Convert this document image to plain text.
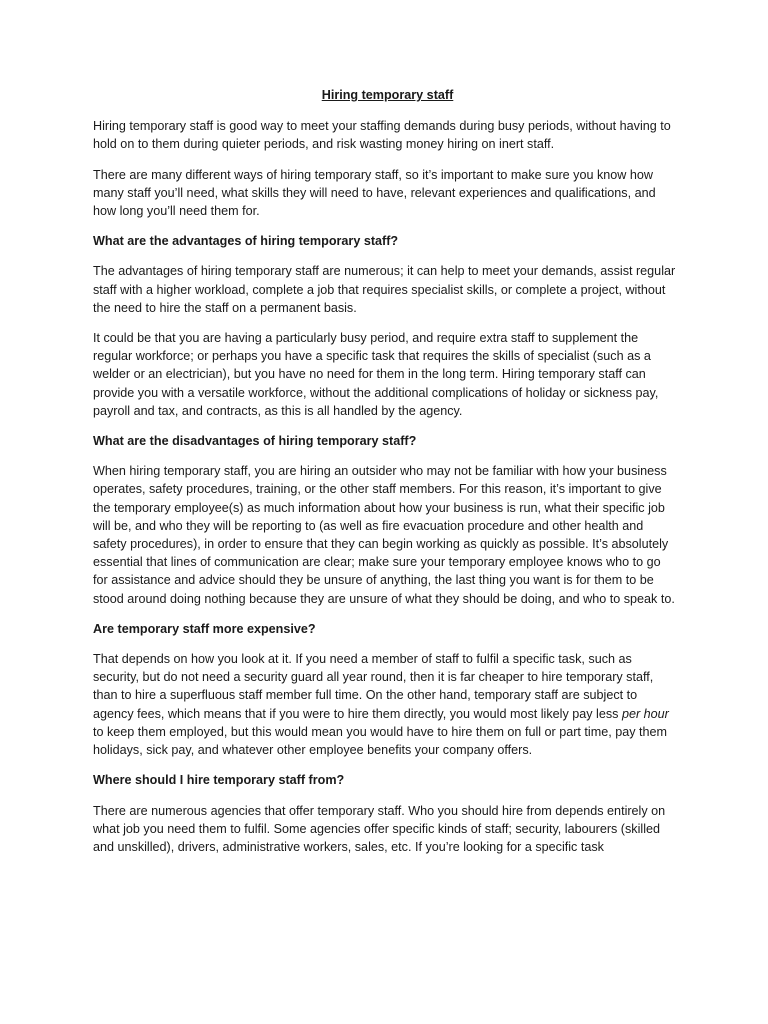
Hiring temporary staff

Hiring temporary staff is good way to meet your staffing demands during busy periods, without having to hold on to them during quieter periods, and risk wasting money hiring on inert staff.

There are many different ways of hiring temporary staff, so it’s important to make sure you know how many staff you’ll need, what skills they will need to have, relevant experiences and qualifications, and how long you’ll need them for.

What are the advantages of hiring temporary staff?

The advantages of hiring temporary staff are numerous; it can help to meet your demands, assist regular staff with a higher workload, complete a job that requires specialist skills, or complete a project, without the need to hire the staff on a permanent basis.

It could be that you are having a particularly busy period, and require extra staff to supplement the regular workforce; or perhaps you have a specific task that requires the skills of specialist (such as a welder or an electrician), but you have no need for them in the long term. Hiring temporary staff can provide you with a versatile workforce, without the additional complications of holiday or sickness pay, payroll and tax, and contracts, as this is all handled by the agency.

What are the disadvantages of hiring temporary staff?

When hiring temporary staff, you are hiring an outsider who may not be familiar with how your business operates, safety procedures, training, or the other staff members. For this reason, it’s important to give the temporary employee(s) as much information about how your business is run, what their specific job will be, and who they will be reporting to (as well as fire evacuation procedure and other health and safety procedures), in order to ensure that they can begin working as quickly as possible. It’s absolutely essential that lines of communication are clear; make sure your temporary employee knows who to go for assistance and advice should they be unsure of anything, the last thing you want is for them to be stood around doing nothing because they are unsure of what they should be doing, and who to speak to.

Are temporary staff more expensive?

That depends on how you look at it. If you need a member of staff to fulfil a specific task, such as security, but do not need a security guard all year round, then it is far cheaper to hire temporary staff, than to hire a superfluous staff member full time. On the other hand, temporary staff are subject to agency fees, which means that if you were to hire them directly, you would most likely pay less per hour to keep them employed, but this would mean you would have to hire them on full or part time, pay them holidays, sick pay, and whatever other employee benefits your company offers.

Where should I hire temporary staff from?

There are numerous agencies that offer temporary staff. Who you should hire from depends entirely on what job you need them to fulfil. Some agencies offer specific kinds of staff; security, labourers (skilled and unskilled), drivers, administrative workers, sales, etc. If you’re looking for a specific task
